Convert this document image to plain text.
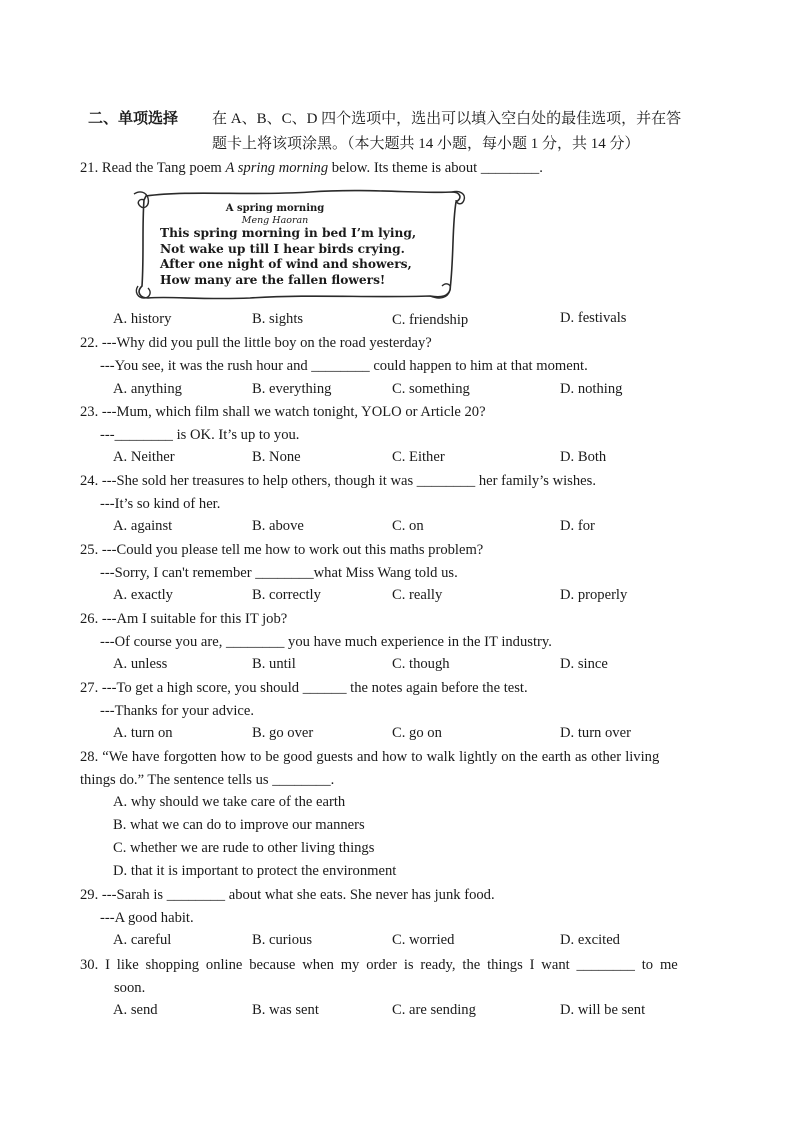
二、单项选择 在 A、B、C、D 四个选项中，选出可以填入空白处的最佳选项，并在答
题卡上将该项涂黑。（本大题共 14 小题，每小题 1 分，共 14 分）
21. Read the Tang poem A spring morning below. Its theme is about ________.
A spring morning
Meng Haoran
This spring morning in bed I’m lying,
Not wake up till I hear birds crying.
After one night of wind and showers,
How many are the fallen flowers!
A. history	B. sights	C. friendship	D. festivals
22. ---Why did you pull the little boy on the road yesterday?
---You see, it was the rush hour and ________ could happen to him at that moment.
A. anything	B. everything	C. something	D. nothing
23. ---Mum, which film shall we watch tonight, YOLO or Article 20?
---________ is OK. It’s up to you.
A. Neither	B. None	C. Either	D. Both
24. ---She sold her treasures to help others, though it was ________ her family’s wishes.
---It’s so kind of her.
A. against	B. above	C. on	D. for
25. ---Could you please tell me how to work out this maths problem?
---Sorry, I can't remember ________what Miss Wang told us.
A. exactly	B. correctly	C. really	D. properly
26. ---Am I suitable for this IT job?
---Of course you are, ________ you have much experience in the IT industry.
A. unless	B. until	C. though	D. since
27. ---To get a high score, you should ______ the notes again before the test.
---Thanks for your advice.
A. turn on	B. go over	C. go on	D. turn over
28. “We have forgotten how to be good guests and how to walk lightly on the earth as other living
things do.” The sentence tells us ________.
A. why should we take care of the earth
B. what we can do to improve our manners
C. whether we are rude to other living things
D. that it is important to protect the environment
29. ---Sarah is ________ about what she eats. She never has junk food.
---A good habit.
A. careful	B. curious	C. worried	D. excited
30. I like shopping online because when my order is ready, the things I want ________ to me
soon.
A. send	B. was sent	C. are sending	D. will be sent
